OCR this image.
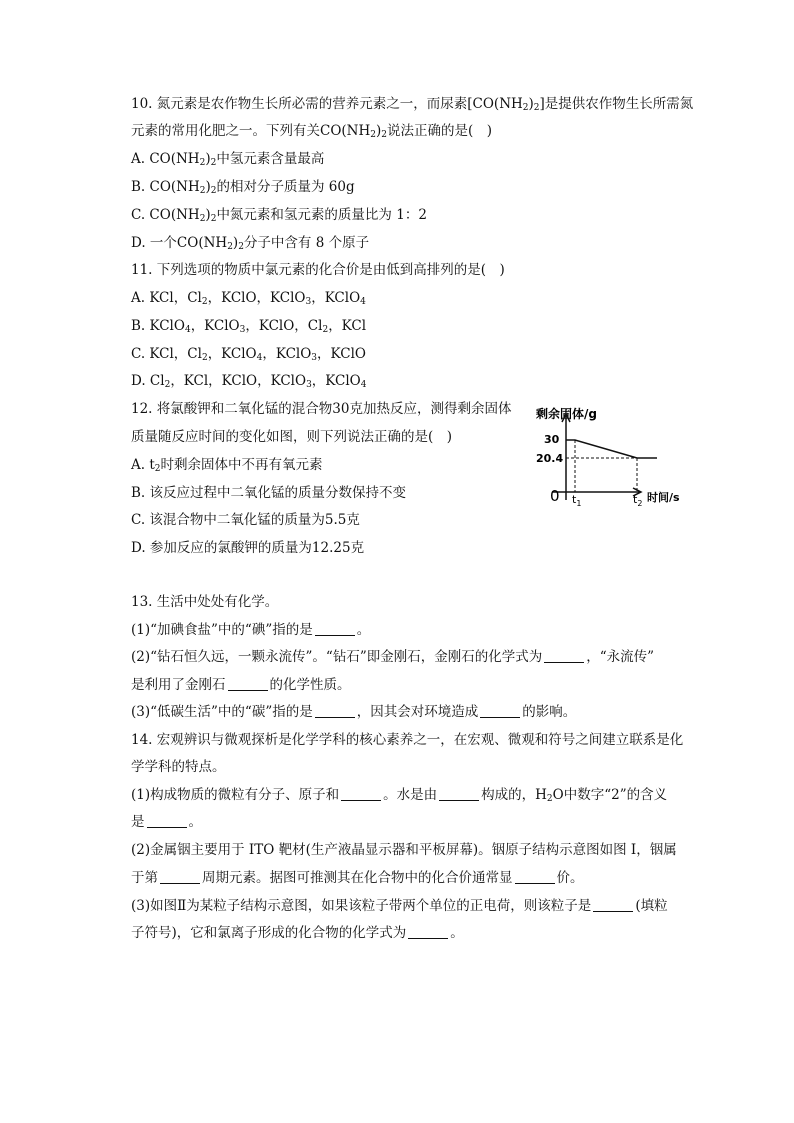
10. 氮元素是农作物生长所必需的营养元素之一，而尿素$[CO(NH_2)_2]$是提供农作物生长所需氮
元素的常用化肥之一。下列有关$CO(NH_2)_2$说法正确的是(　)
A. $CO(NH_2)_2$中氢元素含量最高
B. $CO(NH_2)_2$的相对分子质量为 60g
C. $CO(NH_2)_2$中氮元素和氢元素的质量比为 1：2
D. 一个$CO(NH_2)_2$分子中含有 8 个原子
11. 下列选项的物质中氯元素的化合价是由低到高排列的是(　)
A. KCl，$Cl_2$，KClO，KClO$_3$，KClO$_4$
B. KClO$_4$，KClO$_3$，KClO，$Cl_2$，KCl
C. KCl，$Cl_2$，KClO$_4$，KClO$_3$，KClO
D. $Cl_2$，KCl，KClO，KClO$_3$，KClO$_4$
12. 将氯酸钾和二氧化锰的混合物30克加热反应，测得剩余固体
质量随反应时间的变化如图，则下列说法正确的是(　)
A. $t_2$时剩余固体中不再有氧元素
B. 该反应过程中二氧化锰的质量分数保持不变
C. 该混合物中二氧化锰的质量为5.5克
D. 参加反应的氯酸钾的质量为12.25克
剩余固体/g
0
30
20.4
$t_1$	$t_2$ 时间/s
13. 生活中处处有化学。
(1)“加碘食盐”中的“碘”指的是	。
(2)“钻石恒久远，一颗永流传”。“钻石”即金刚石，金刚石的化学式为	，“永流传”
是利用了金刚石	的化学性质。
(3)“低碳生活”中的“碳”指的是	，因其会对环境造成	的影响。
14. 宏观辨识与微观探析是化学学科的核心素养之一，在宏观、微观和符号之间建立联系是化
学学科的特点。
(1)构成物质的微粒有分子、原子和	。水是由	构成的，$H_2O$中数字“2”的含义
是	。
(2)金属铟主要用于 ITO 靶材(生产液晶显示器和平板屏幕)。铟原子结构示意图如图 I，铟属
于第	周期元素。据图可推测其在化合物中的化合价通常显	价。
(3)如图Ⅱ为某粒子结构示意图，如果该粒子带两个单位的正电荷，则该粒子是	(填粒
子符号)，它和氯离子形成的化合物的化学式为	。
